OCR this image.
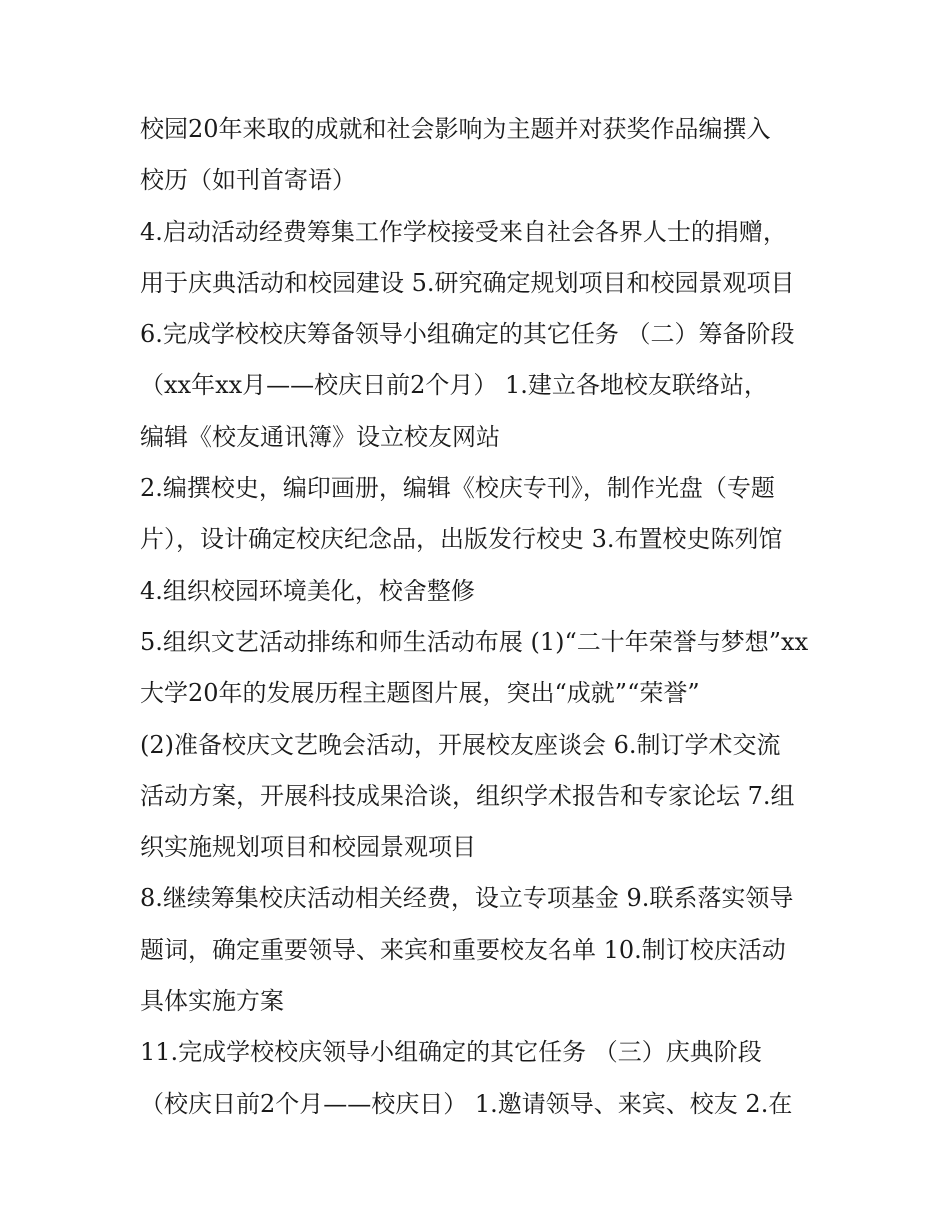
校园20年来取的成就和社会影响为主题并对获奖作品编撰入
校历（如刊首寄语）
4.启动活动经费筹集工作学校接受来自社会各界人士的捐赠，
用于庆典活动和校园建设 5.研究确定规划项目和校园景观项目
6.完成学校校庆筹备领导小组确定的其它任务 （二）筹备阶段
（xx年xx月——校庆日前2个月） 1.建立各地校友联络站，
编辑《校友通讯簿》设立校友网站
2.编撰校史，编印画册，编辑《校庆专刊》，制作光盘（专题
片），设计确定校庆纪念品，出版发行校史 3.布置校史陈列馆
4.组织校园环境美化，校舍整修
5.组织文艺活动排练和师生活动布展 (1)“二十年荣誉与梦想”xx
大学20年的发展历程主题图片展，突出“成就”“荣誉”
(2)准备校庆文艺晚会活动，开展校友座谈会 6.制订学术交流
活动方案，开展科技成果洽谈，组织学术报告和专家论坛 7.组
织实施规划项目和校园景观项目
8.继续筹集校庆活动相关经费，设立专项基金 9.联系落实领导
题词，确定重要领导、来宾和重要校友名单 10.制订校庆活动
具体实施方案
11.完成学校校庆领导小组确定的其它任务 （三）庆典阶段
（校庆日前2个月——校庆日） 1.邀请领导、来宾、校友 2.在
